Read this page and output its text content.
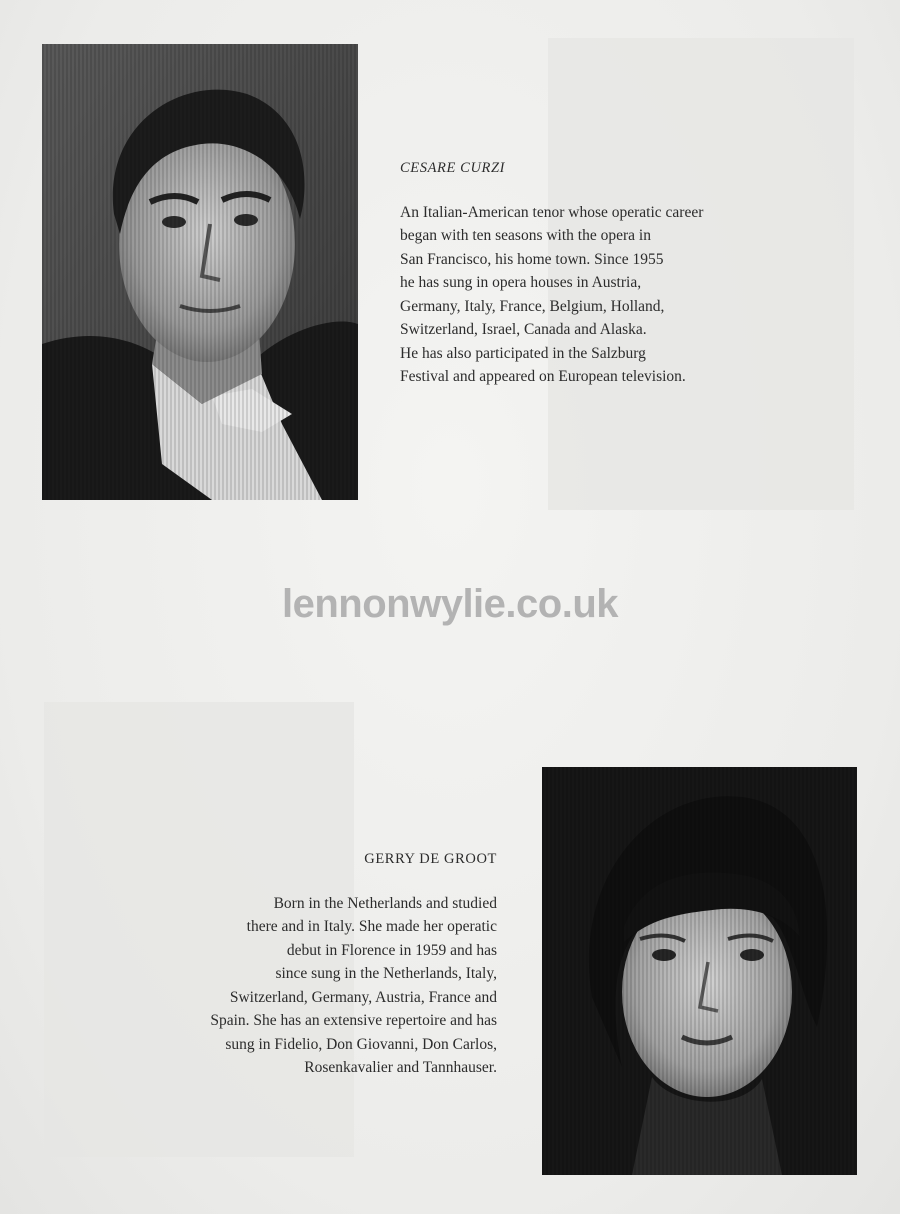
CESARE CURZI
An Italian-American tenor whose operatic career
began with ten seasons with the opera in
San Francisco, his home town. Since 1955
he has sung in opera houses in Austria,
Germany, Italy, France, Belgium, Holland,
Switzerland, Israel, Canada and Alaska.
He has also participated in the Salzburg
Festival and appeared on European television.
lennonwylie.co.uk
GERRY DE GROOT
Born in the Netherlands and studied
there and in Italy. She made her operatic
debut in Florence in 1959 and has
since sung in the Netherlands, Italy,
Switzerland, Germany, Austria, France and
Spain. She has an extensive repertoire and has
sung in Fidelio, Don Giovanni, Don Carlos,
Rosenkavalier and Tannhauser.
